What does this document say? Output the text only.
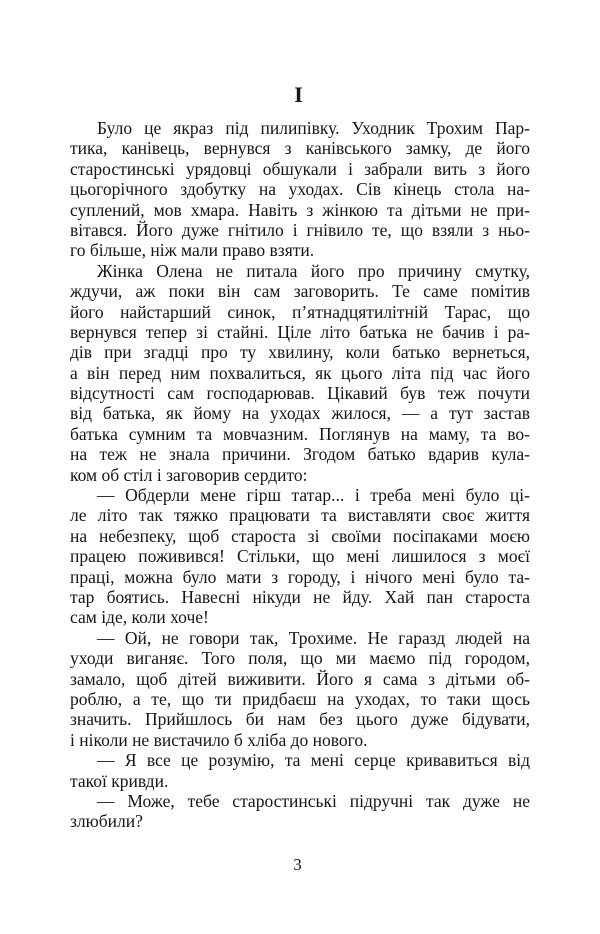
I
Було це якраз під пилипівку. Уходник Трохим Пар-
тика, канівець, вернувся з канівського замку, де його
старостинські урядовці обшукали і забрали вить з його
цьогорічного здобутку на уходах. Сів кінець стола на-
суплений, мов хмара. Навіть з жінкою та дітьми не при-
вітався. Його дуже гнітило і гнівило те, що взяли з ньо-
го більше, ніж мали право взяти.
Жінка Олена не питала його про причину смутку,
ждучи, аж поки він сам заговорить. Те саме помітив
його найстарший синок, п’ятнадцятилітній Тарас, що
вернувся тепер зі стайні. Ціле літо батька не бачив і ра-
дів при згадці про ту хвилину, коли батько вернеться,
а він перед ним похвалиться, як цього літа під час його
відсутності сам господарював. Цікавий був теж почути
від батька, як йому на уходах жилося, — а тут застав
батька сумним та мовчазним. Поглянув на маму, та во-
на теж не знала причини. Згодом батько вдарив кула-
ком об стіл і заговорив сердито:
— Обдерли мене гірш татар... і треба мені було ці-
ле літо так тяжко працювати та виставляти своє життя
на небезпеку, щоб староста зі своїми посіпаками моєю
працею поживився! Стільки, що мені лишилося з моєї
праці, можна було мати з городу, і нічого мені було та-
тар боятись. Навесні нікуди не йду. Хай пан староста
сам іде, коли хоче!
— Ой, не говори так, Трохиме. Не гаразд людей на
уходи виганяє. Того поля, що ми маємо під городом,
замало, щоб дітей виживити. Його я сама з дітьми об-
роблю, а те, що ти придбаєш на уходах, то таки щось
значить. Прийшлось би нам без цього дуже бідувати,
і ніколи не вистачило б хліба до нового.
— Я все це розумію, та мені серце кривавиться від
такої кривди.
— Може, тебе старостинські підручні так дуже не
злюбили?
3
